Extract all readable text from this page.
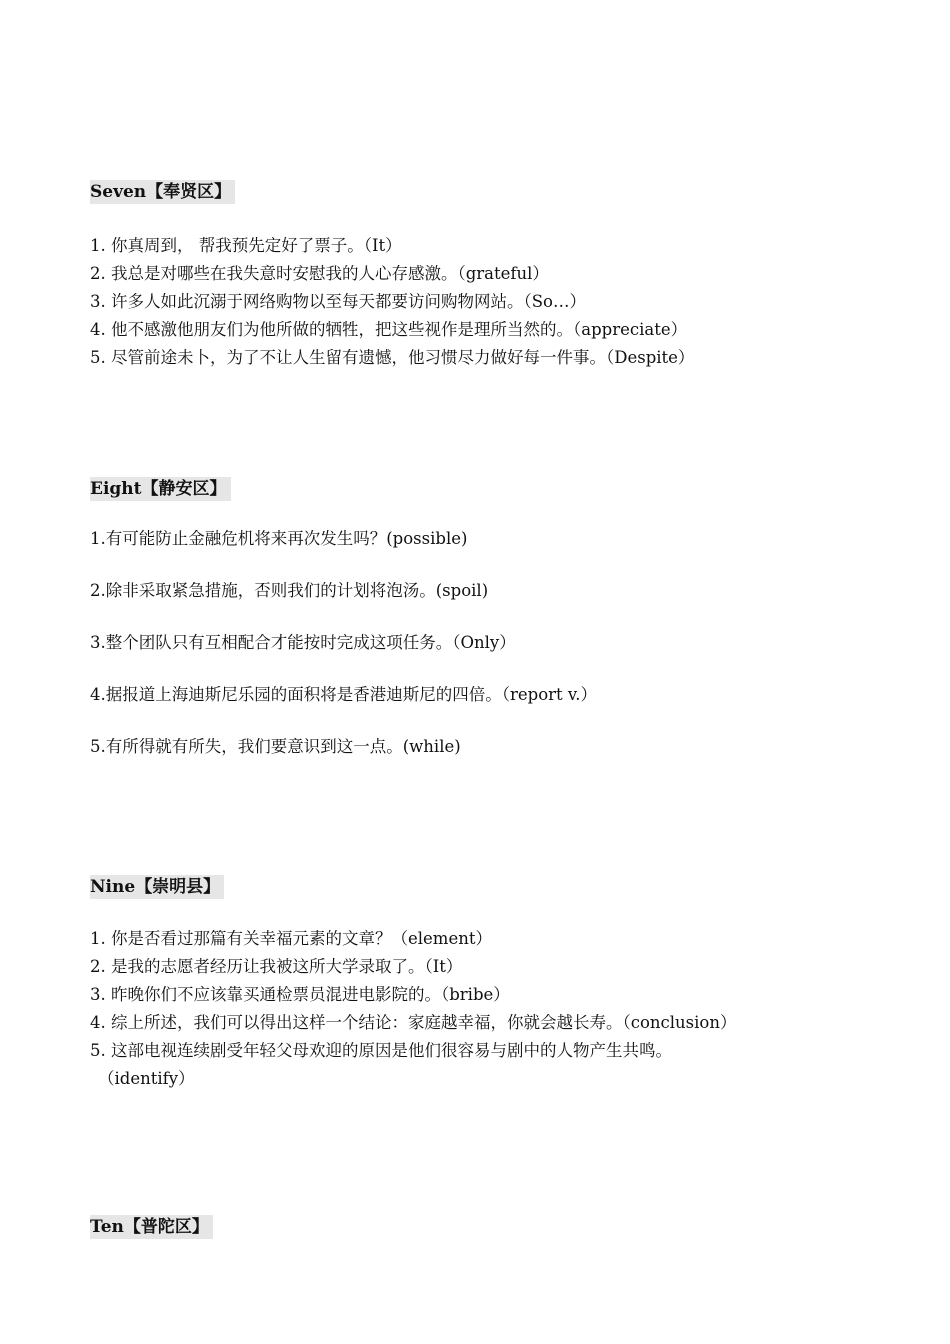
Seven【奉贤区】
1. 你真周到， 帮我预先定好了票子。（It）
2. 我总是对哪些在我失意时安慰我的人心存感激。（grateful）
3. 许多人如此沉溺于网络购物以至每天都要访问购物网站。（So…）
4. 他不感激他朋友们为他所做的牺牲，把这些视作是理所当然的。（appreciate）
5. 尽管前途未卜，为了不让人生留有遗憾，他习惯尽力做好每一件事。（Despite）
Eight【静安区】
1.有可能防止金融危机将来再次发生吗？(possible)
2.除非采取紧急措施，否则我们的计划将泡汤。(spoil)
3.整个团队只有互相配合才能按时完成这项任务。（Only）
4.据报道上海迪斯尼乐园的面积将是香港迪斯尼的四倍。（report v.）
5.有所得就有所失，我们要意识到这一点。(while)
Nine【崇明县】
1. 你是否看过那篇有关幸福元素的文章？（element）
2. 是我的志愿者经历让我被这所大学录取了。（It）
3. 昨晚你们不应该靠买通检票员混进电影院的。（bribe）
4. 综上所述，我们可以得出这样一个结论：家庭越幸福，你就会越长寿。（conclusion）
5. 这部电视连续剧受年轻父母欢迎的原因是他们很容易与剧中的人物产生共鸣。
（identify）
Ten【普陀区】
